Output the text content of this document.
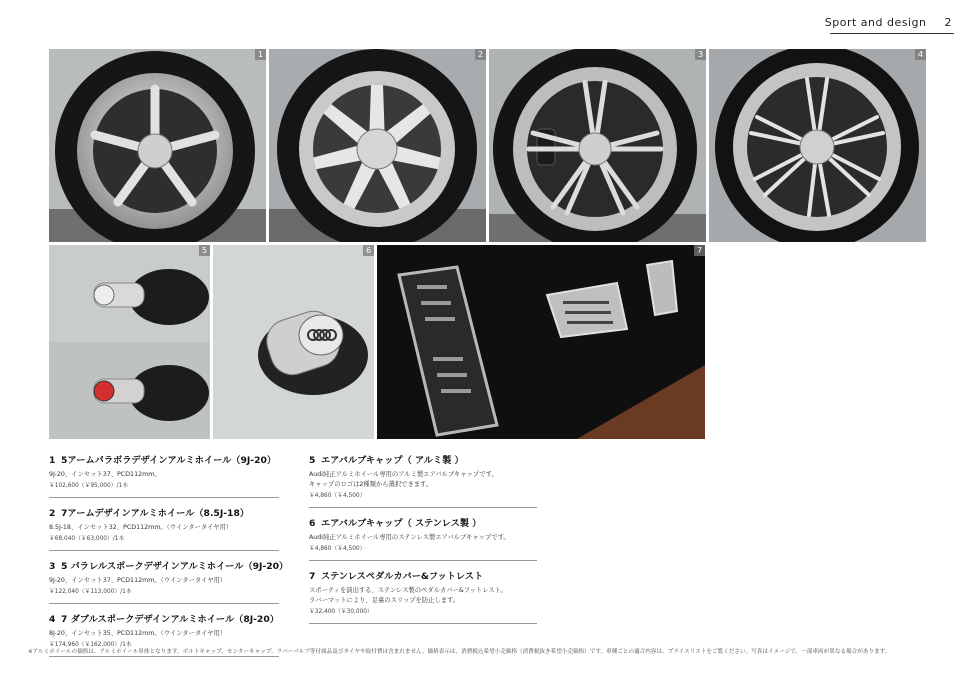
Sport and design 2
1	2	3	4
5	6	7
1 5アームパラボラデザインアルミホイール（9J-20）
9J-20、インセット37、PCD112mm。
￥102,600（￥95,000）/1本
2 7アームデザインアルミホイール（8.5J-18）
8.5J-18、インセット32、PCD112mm。（ウインタータイヤ用）
￥68,040（￥63,000）/1本
3 5 パラレルスポークデザインアルミホイール（9J-20）
9J-20、インセット37、PCD112mm。（ウインタータイヤ用）
￥122,040（￥113,000）/1本
4 7 ダブルスポークデザインアルミホイール（8J-20）
8J-20、インセット35、PCD112mm。（ウインタータイヤ用）
￥174,960（￥162,000）/1本
5 エアバルブキャップ（ アルミ製 ）
Audi純正アルミホイール専用のアルミ製エアバルブキャップです。
キャップのロゴは2種類から選択できます。
￥4,860（￥4,500）
6 エアバルブキャップ（ ステンレス製 ）
Audi純正アルミホイール専用のステンレス製エアバルブキャップです。
￥4,860（￥4,500）
7 ステンレスペダルカバー&フットレスト
スポーティを演出する、ステンレス製のペダルカバー&フットレスト。
ラバーマットにより、足裏のスリップを防止します。
￥32,400（￥30,000）
※アルミホイールの価格は、アルミホイール単体となります。ボルトキャップ、センターキャップ、ラバーバルブ等付属品及びタイヤや取付費は含まれません。価格表示は、消費税込希望小売価格（消費税抜き希望小売価格）です。車種ごとの適合内容は、プライスリストをご覧ください。写真はイメージで、一部車両が異なる場合があります。
